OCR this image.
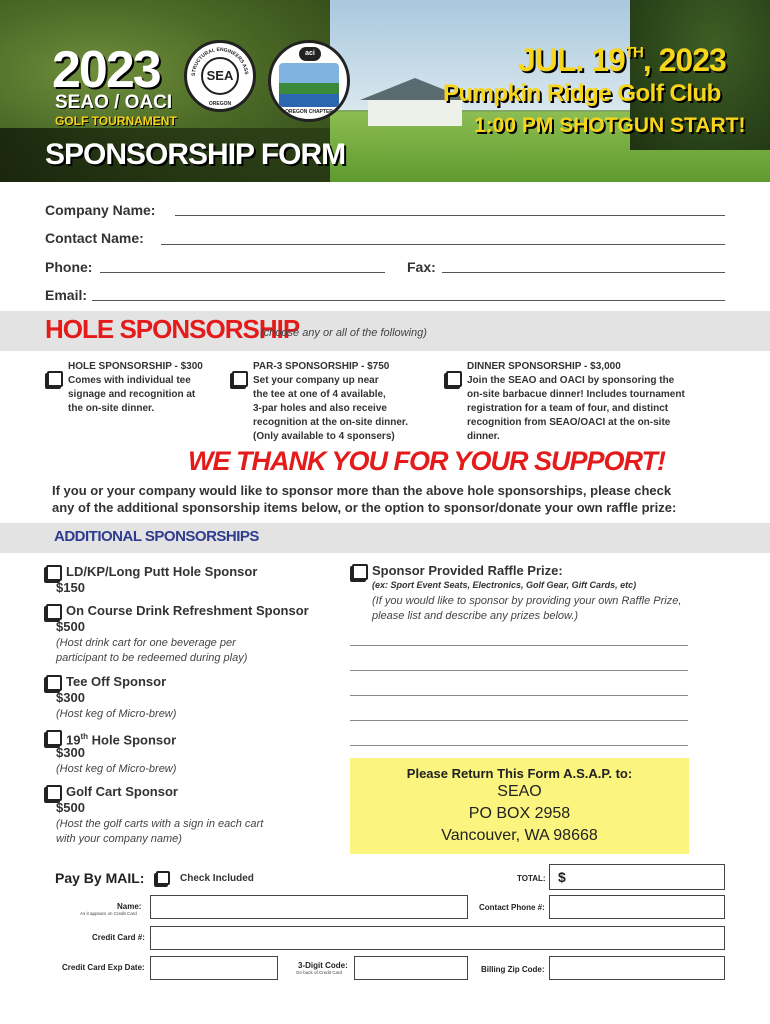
2023
SEAO / OACI
GOLF TOURNAMENT
SPONSORSHIP FORM
STRUCTURAL ENGINEERS ASS
SEA
OREGON
aci
OREGON CHAPTER
JUL. 19TH, 2023
Pumpkin Ridge Golf Club
1:00 PM SHOTGUN START!
Company Name:
Contact Name:
Phone:	Fax:
Email:
HOLE SPONSORSHIP
(choose any or all of the following)
HOLE SPONSORSHIP - $300
Comes with individual tee
signage and recognition at
the on-site dinner.
PAR-3 SPONSORSHIP - $750
Set your company up near
the tee at one of 4 available,
3-par holes and also receive
recognition at the on-site dinner.
(Only available to 4 sponsers)
DINNER SPONSORSHIP - $3,000
Join the SEAO and OACI by sponsoring the
on-site barbacue dinner! Includes tournament
registration for a team of four, and distinct
recognition from SEAO/OACI at the on-site
dinner.
WE THANK YOU FOR YOUR SUPPORT!
If you or your company would like to sponsor more than the above hole sponsorships, please check
any of the additional sponsorship items below, or the option to sponsor/donate your own raffle prize:
ADDITIONAL SPONSORSHIPS
LD/KP/Long Putt Hole Sponsor
$150
On Course Drink Refreshment Sponsor
$500
(Host drink cart for one beverage per
participant to be redeemed during play)
Tee Off Sponsor
$300
(Host keg of Micro-brew)
19th Hole Sponsor
$300
(Host keg of Micro-brew)
Golf Cart Sponsor
$500
(Host the golf carts with a sign in each cart
with your company name)
Sponsor Provided Raffle Prize:
(ex: Sport Event Seats, Electronics, Golf Gear, Gift Cards, etc)
(If you would like to sponsor by providing your own Raffle Prize, please list and describe any prizes below.)
Please Return This Form A.S.A.P. to:
SEAO
PO BOX 2958
Vancouver, WA 98668
Pay By MAIL:	Check Included	TOTAL: $
Name:
As it appears on Credit Card
Contact Phone #:
Credit Card #:
Credit Card Exp Date:	3-Digit Code:
On back of Credit Card	Billing Zip Code:
